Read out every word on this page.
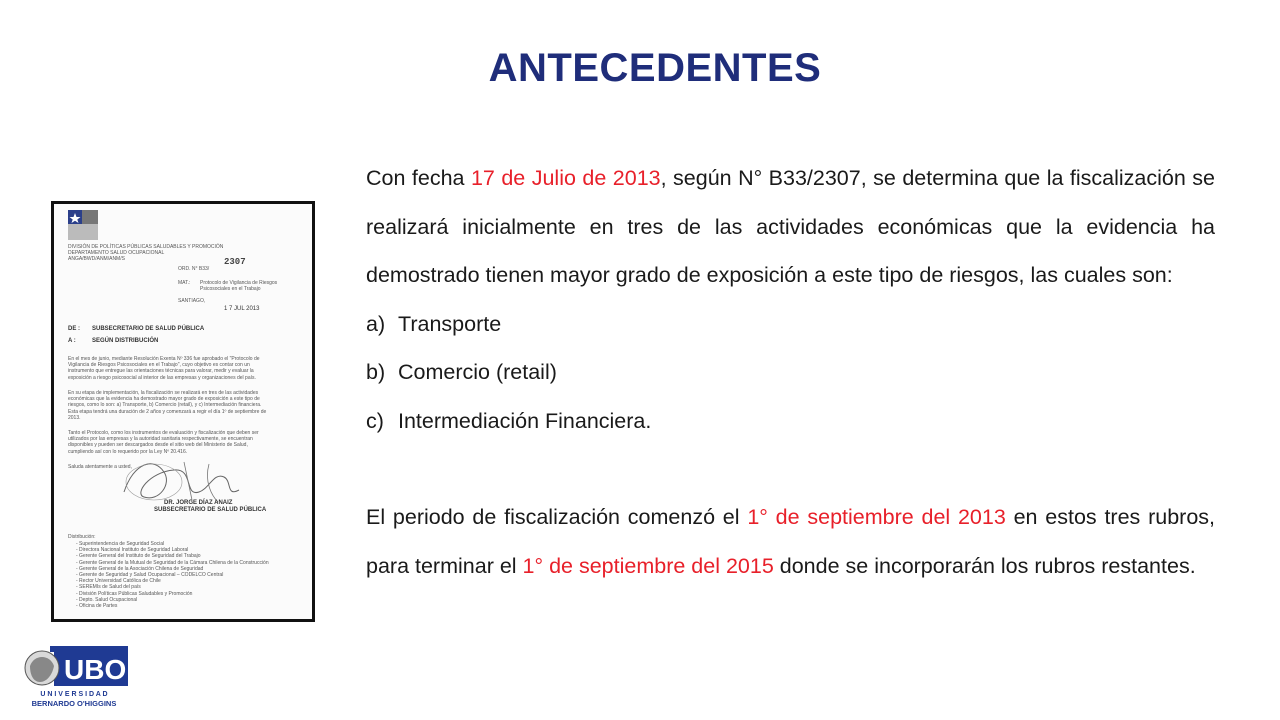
ANTECEDENTES

Con fecha 17 de Julio de 2013, según N° B33/2307, se determina que la fiscalización se realizará inicialmente en tres de las actividades económicas que la evidencia ha demostrado tienen mayor grado de exposición a este tipo de riesgos, las cuales son:

a) Transporte
b) Comercio (retail)
c) Intermediación Financiera.

El periodo de fiscalización comenzó el 1° de septiembre del 2013 en estos tres rubros, para terminar el 1° de septiembre del 2015 donde se incorporarán los rubros restantes.

DIVISIÓN DE POLÍTICAS PÚBLICAS SALUDABLES Y PROMOCIÓN
DEPARTAMENTO SALUD OCUPACIONAL
ANGA/BWD/ANM/ANM/S
ORD. N° B33/
2307
MAT.: Protocolo de Vigilancia de Riesgos Psicosociales en el Trabajo
SANTIAGO,
1 7 JUL 2013
DE : SUBSECRETARIO DE SALUD PÚBLICA
A :	SEGÚN DISTRIBUCIÓN
En el mes de junio, mediante Resolución Exenta Nº 336 fue aprobado el "Protocolo de
Vigilancia de Riesgos Psicosociales en el Trabajo", cuyo objetivo es contar con un
instrumento que entregue las orientaciones técnicas para valorar, medir y evaluar la
exposición a riesgo psicosocial al interior de las empresas y organizaciones del país.
En su etapa de implementación, la fiscalización se realizará en tres de las actividades
económicas que la evidencia ha demostrado mayor grado de exposición a este tipo de
riesgos, como lo son: a) Transporte, b) Comercio (retail), y c) Intermediación financiera.
Esta etapa tendrá una duración de 2 años y comenzará a regir el día 1º de septiembre de
2013.
Tanto el Protocolo, como los instrumentos de evaluación y fiscalización que deben ser
utilizados por las empresas y la autoridad sanitaria respectivamente, se encuentran
disponibles y pueden ser descargados desde el sitio web del Ministerio de Salud,
cumpliendo así con lo requerido por la Ley Nº 20.416.
Saluda atentamente a usted,
DR. JORGE DÍAZ ANAIZ
SUBSECRETARIO DE SALUD PÚBLICA
Distribución:
- Superintendencia de Seguridad Social
- Directora Nacional Instituto de Seguridad Laboral
- Gerente General del Instituto de Seguridad del Trabajo
- Gerente General de la Mutual de Seguridad de la Cámara Chilena de la Construcción
- Gerente General de la Asociación Chilena de Seguridad
- Gerente de Seguridad y Salud Ocupacional – CODELCO Central
- Rector Universidad Católica de Chile
- SEREMIs de Salud del país
- División Políticas Públicas Saludables y Promoción
- Depto. Salud Ocupacional
- Oficina de Partes
UBO
U N I V E R S I D A D
BERNARDO O'HIGGINS
